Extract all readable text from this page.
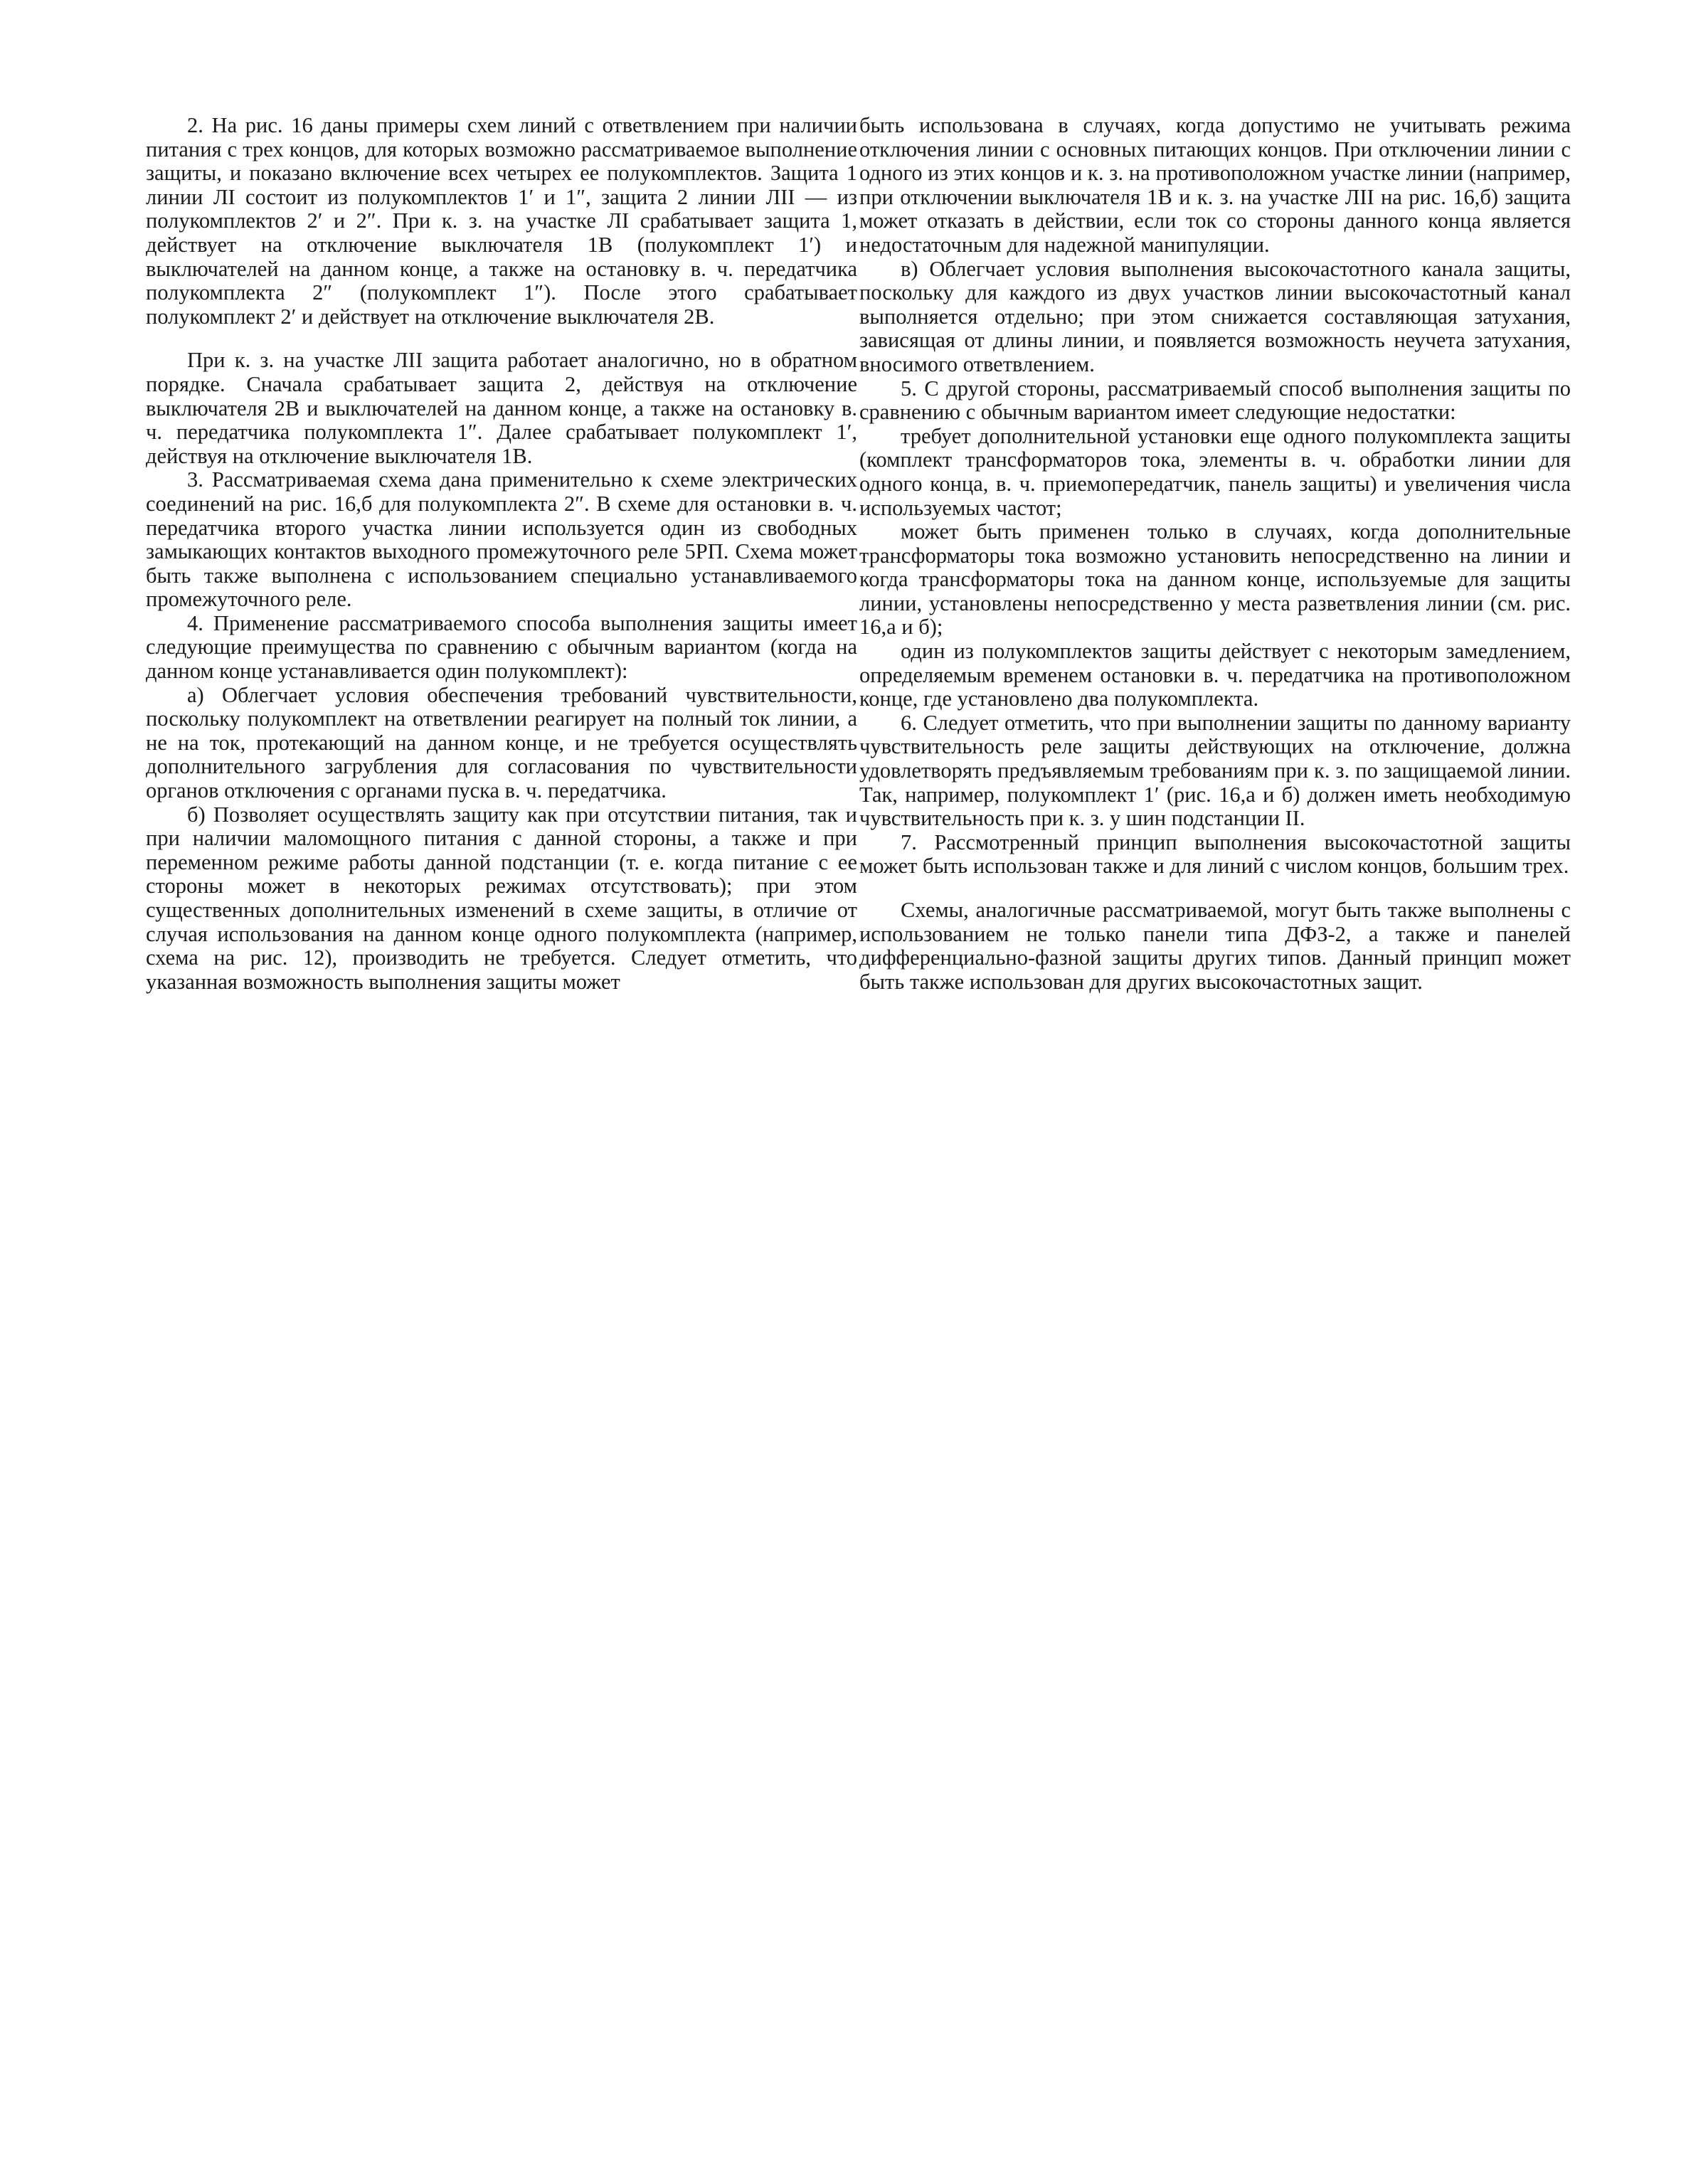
2. На рис. 16 даны примеры схем линий с ответвлением при наличии питания с трех концов, для которых возможно рассматриваемое выполнение защиты, и показано включение всех четырех ее полукомплектов. Защита 1 линии ЛI состоит из полукомплектов 1′ и 1″, защита 2 линии ЛII — из полукомплектов 2′ и 2″. При к. з. на участке ЛI срабатывает защита 1, действует на отключение выключателя 1В (полукомплект 1′) и выключателей на данном конце, а также на остановку в. ч. передатчика полукомплекта 2″ (полукомплект 1″). После этого срабатывает полукомплект 2′ и действует на отключение выключателя 2В.

При к. з. на участке ЛII защита работает аналогично, но в обратном порядке. Сначала срабатывает защита 2, действуя на отключение выключателя 2В и выключателей на данном конце, а также на остановку в. ч. передатчика полукомплекта 1″. Далее срабатывает полукомплект 1′, действуя на отключение выключателя 1В.

3. Рассматриваемая схема дана применительно к схеме электрических соединений на рис. 16,б для полукомплекта 2″. В схеме для остановки в. ч. передатчика второго участка линии используется один из свободных замыкающих контактов выходного промежуточного реле 5РП. Схема может быть также выполнена с использованием специально устанавливаемого промежуточного реле.

4. Применение рассматриваемого способа выполнения защиты имеет следующие преимущества по сравнению с обычным вариантом (когда на данном конце устанавливается один полукомплект):

а) Облегчает условия обеспечения требований чувствительности, поскольку полукомплект на ответвлении реагирует на полный ток линии, а не на ток, протекающий на данном конце, и не требуется осуществлять дополнительного загрубления для согласования по чувствительности органов отключения с органами пуска в. ч. передатчика.

б) Позволяет осуществлять защиту как при отсутствии питания, так и при наличии маломощного питания с данной стороны, а также и при переменном режиме работы данной подстанции (т. е. когда питание с ее стороны может в некоторых режимах отсутствовать); при этом существенных дополнительных изменений в схеме защиты, в отличие от случая использования на данном конце одного полукомплекта (например, схема на рис. 12), производить не требуется. Следует отметить, что указанная возможность выполнения защиты может

быть использована в случаях, когда допустимо не учитывать режима отключения линии с основных питающих концов. При отключении линии с одного из этих концов и к. з. на противоположном участке линии (например, при отключении выключателя 1В и к. з. на участке ЛII на рис. 16,б) защита может отказать в действии, если ток со стороны данного конца является недостаточным для надежной манипуляции.

в) Облегчает условия выполнения высокочастотного канала защиты, поскольку для каждого из двух участков линии высокочастотный канал выполняется отдельно; при этом снижается составляющая затухания, зависящая от длины линии, и появляется возможность неучета затухания, вносимого ответвлением.

5. С другой стороны, рассматриваемый способ выполнения защиты по сравнению с обычным вариантом имеет следующие недостатки:

требует дополнительной установки еще одного полукомплекта защиты (комплект трансформаторов тока, элементы в. ч. обработки линии для одного конца, в. ч. приемопередатчик, панель защиты) и увеличения числа используемых частот;

может быть применен только в случаях, когда дополнительные трансформаторы тока возможно установить непосредственно на линии и когда трансформаторы тока на данном конце, используемые для защиты линии, установлены непосредственно у места разветвления линии (см. рис. 16,а и б);

один из полукомплектов защиты действует с некоторым замедлением, определяемым временем остановки в. ч. передатчика на противоположном конце, где установлено два полукомплекта.

6. Следует отметить, что при выполнении защиты по данному варианту чувствительность реле защиты действующих на отключение, должна удовлетворять предъявляемым требованиям при к. з. по защищаемой линии. Так, например, полукомплект 1′ (рис. 16,а и б) должен иметь необходимую чувствительность при к. з. у шин подстанции II.

7. Рассмотренный принцип выполнения высокочастотной защиты может быть использован также и для линий с числом концов, большим трех.

Схемы, аналогичные рассматриваемой, могут быть также выполнены с использованием не только панели типа ДФЗ-2, а также и панелей дифференциально-фазной защиты других типов. Данный принцип может быть также использован для других высокочастотных защит.
